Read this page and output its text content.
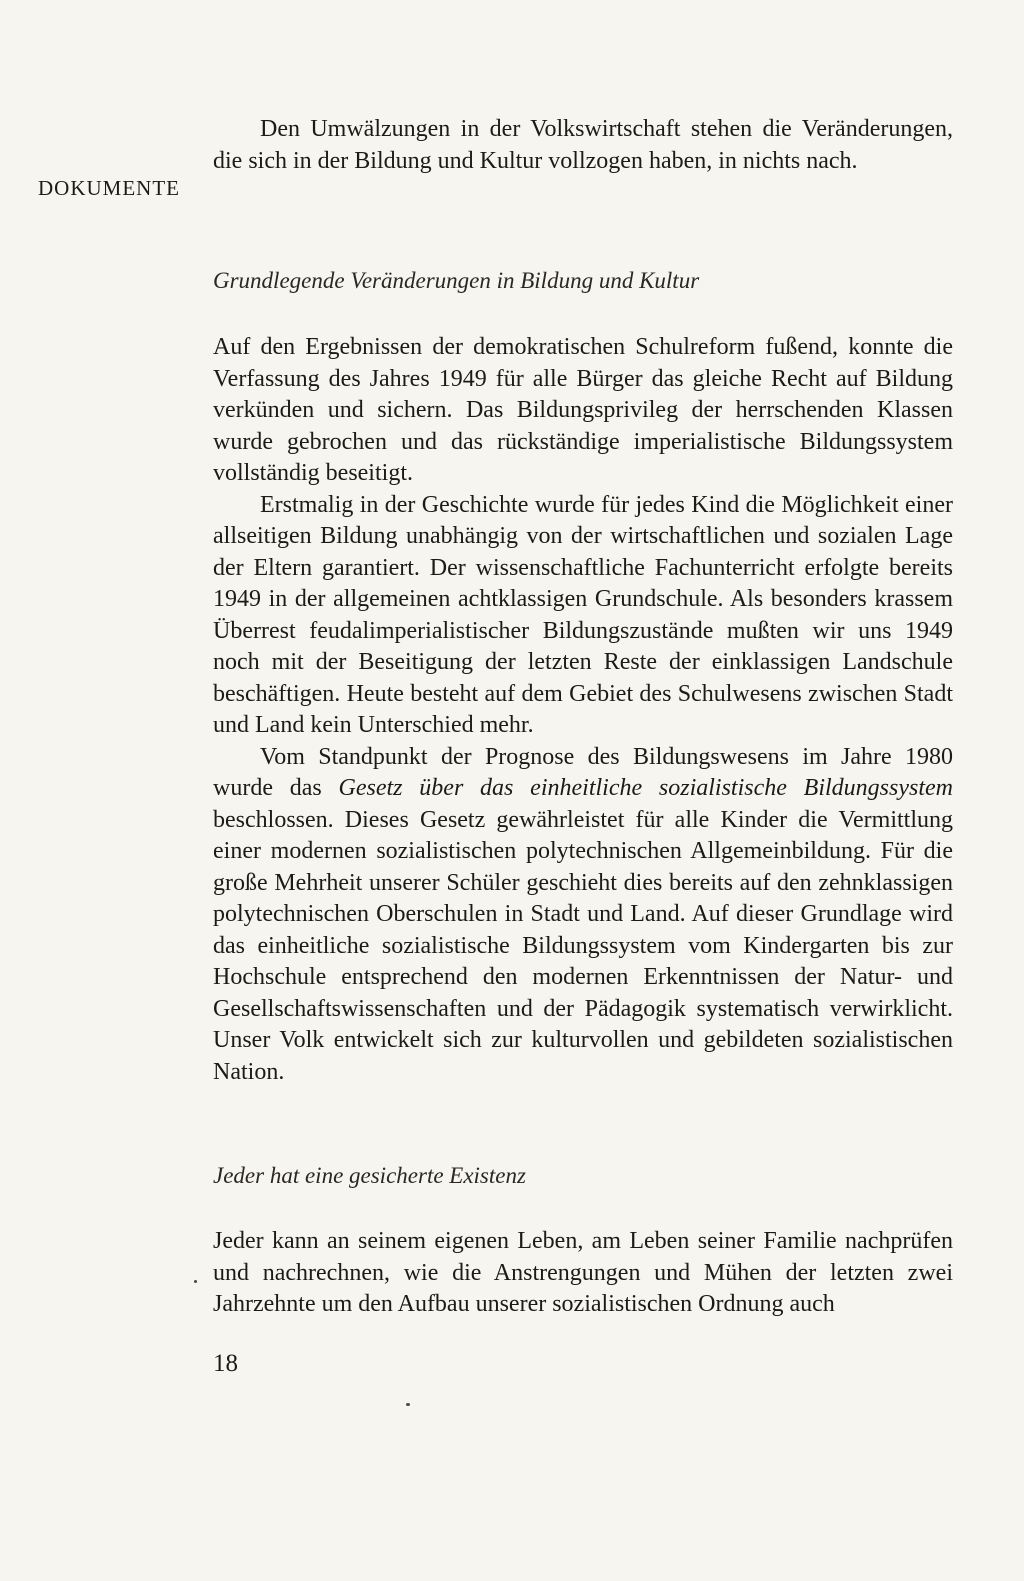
DOKUMENTE

Den Umwälzungen in der Volkswirtschaft stehen die Veränderungen, die sich in der Bildung und Kultur vollzogen haben, in nichts nach.

Grundlegende Veränderungen in Bildung und Kultur

Auf den Ergebnissen der demokratischen Schulreform fußend, konnte die Verfassung des Jahres 1949 für alle Bürger das gleiche Recht auf Bildung verkünden und sichern. Das Bildungsprivileg der herrschenden Klassen wurde gebrochen und das rückständige imperialistische Bildungssystem vollständig beseitigt.

Erstmalig in der Geschichte wurde für jedes Kind die Möglichkeit einer allseitigen Bildung unabhängig von der wirtschaftlichen und sozialen Lage der Eltern garantiert. Der wissenschaftliche Fachunterricht erfolgte bereits 1949 in der allgemeinen achtklassigen Grundschule. Als besonders krassem Überrest feudalimperialistischer Bildungszustände mußten wir uns 1949 noch mit der Beseitigung der letzten Reste der einklassigen Landschule beschäftigen. Heute besteht auf dem Gebiet des Schulwesens zwischen Stadt und Land kein Unterschied mehr.

Vom Standpunkt der Prognose des Bildungswesens im Jahre 1980 wurde das Gesetz über das einheitliche sozialistische Bildungssystem beschlossen. Dieses Gesetz gewährleistet für alle Kinder die Vermittlung einer modernen sozialistischen polytechnischen Allgemeinbildung. Für die große Mehrheit unserer Schüler geschieht dies bereits auf den zehnklassigen polytechnischen Oberschulen in Stadt und Land. Auf dieser Grundlage wird das einheitliche sozialistische Bildungssystem vom Kindergarten bis zur Hochschule entsprechend den modernen Erkenntnissen der Natur- und Gesellschaftswissenschaften und der Pädagogik systematisch verwirklicht. Unser Volk entwickelt sich zur kulturvollen und gebildeten sozialistischen Nation.

Jeder hat eine gesicherte Existenz

Jeder kann an seinem eigenen Leben, am Leben seiner Familie nachprüfen und nachrechnen, wie die Anstrengungen und Mühen der letzten zwei Jahrzehnte um den Aufbau unserer sozialistischen Ordnung auch

18
